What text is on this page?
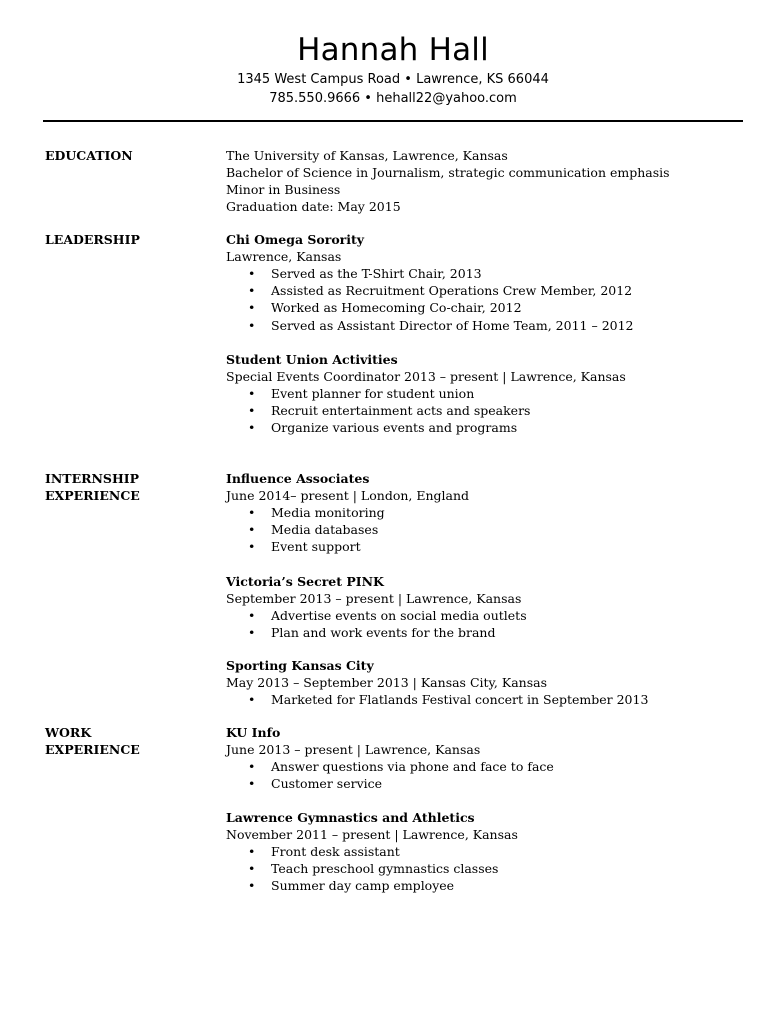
Hannah Hall
1345 West Campus Road • Lawrence, KS 66044
785.550.9666 • hehall22@yahoo.com
EDUCATION	The University of Kansas, Lawrence, Kansas

Bachelor of Science in Journalism, strategic communication emphasis

Minor in Business

Graduation date: May 2015

LEADERSHIP	Chi Omega Sorority

Lawrence, Kansas

• Served as the T-Shirt Chair, 2013
• Assisted as Recruitment Operations Crew Member, 2012
• Worked as Homecoming Co-chair, 2012
• Served as Assistant Director of Home Team, 2011 – 2012

Student Union Activities

Special Events Coordinator 2013 – present | Lawrence, Kansas

• Event planner for student union
• Recruit entertainment acts and speakers
• Organize various events and programs
INTERNSHIP
EXPERIENCE

Influence Associates

June 2014– present | London, England

• Media monitoring
• Media databases
• Event support

Victoria’s Secret PINK

September 2013 – present | Lawrence, Kansas

• Advertise events on social media outlets
• Plan and work events for the brand

Sporting Kansas City

May 2013 – September 2013 | Kansas City, Kansas

• Marketed for Flatlands Festival concert in September 2013
WORK
EXPERIENCE

KU Info

June 2013 – present | Lawrence, Kansas

• Answer questions via phone and face to face
• Customer service

Lawrence Gymnastics and Athletics

November 2011 – present | Lawrence, Kansas

• Front desk assistant
• Teach preschool gymnastics classes
• Summer day camp employee
